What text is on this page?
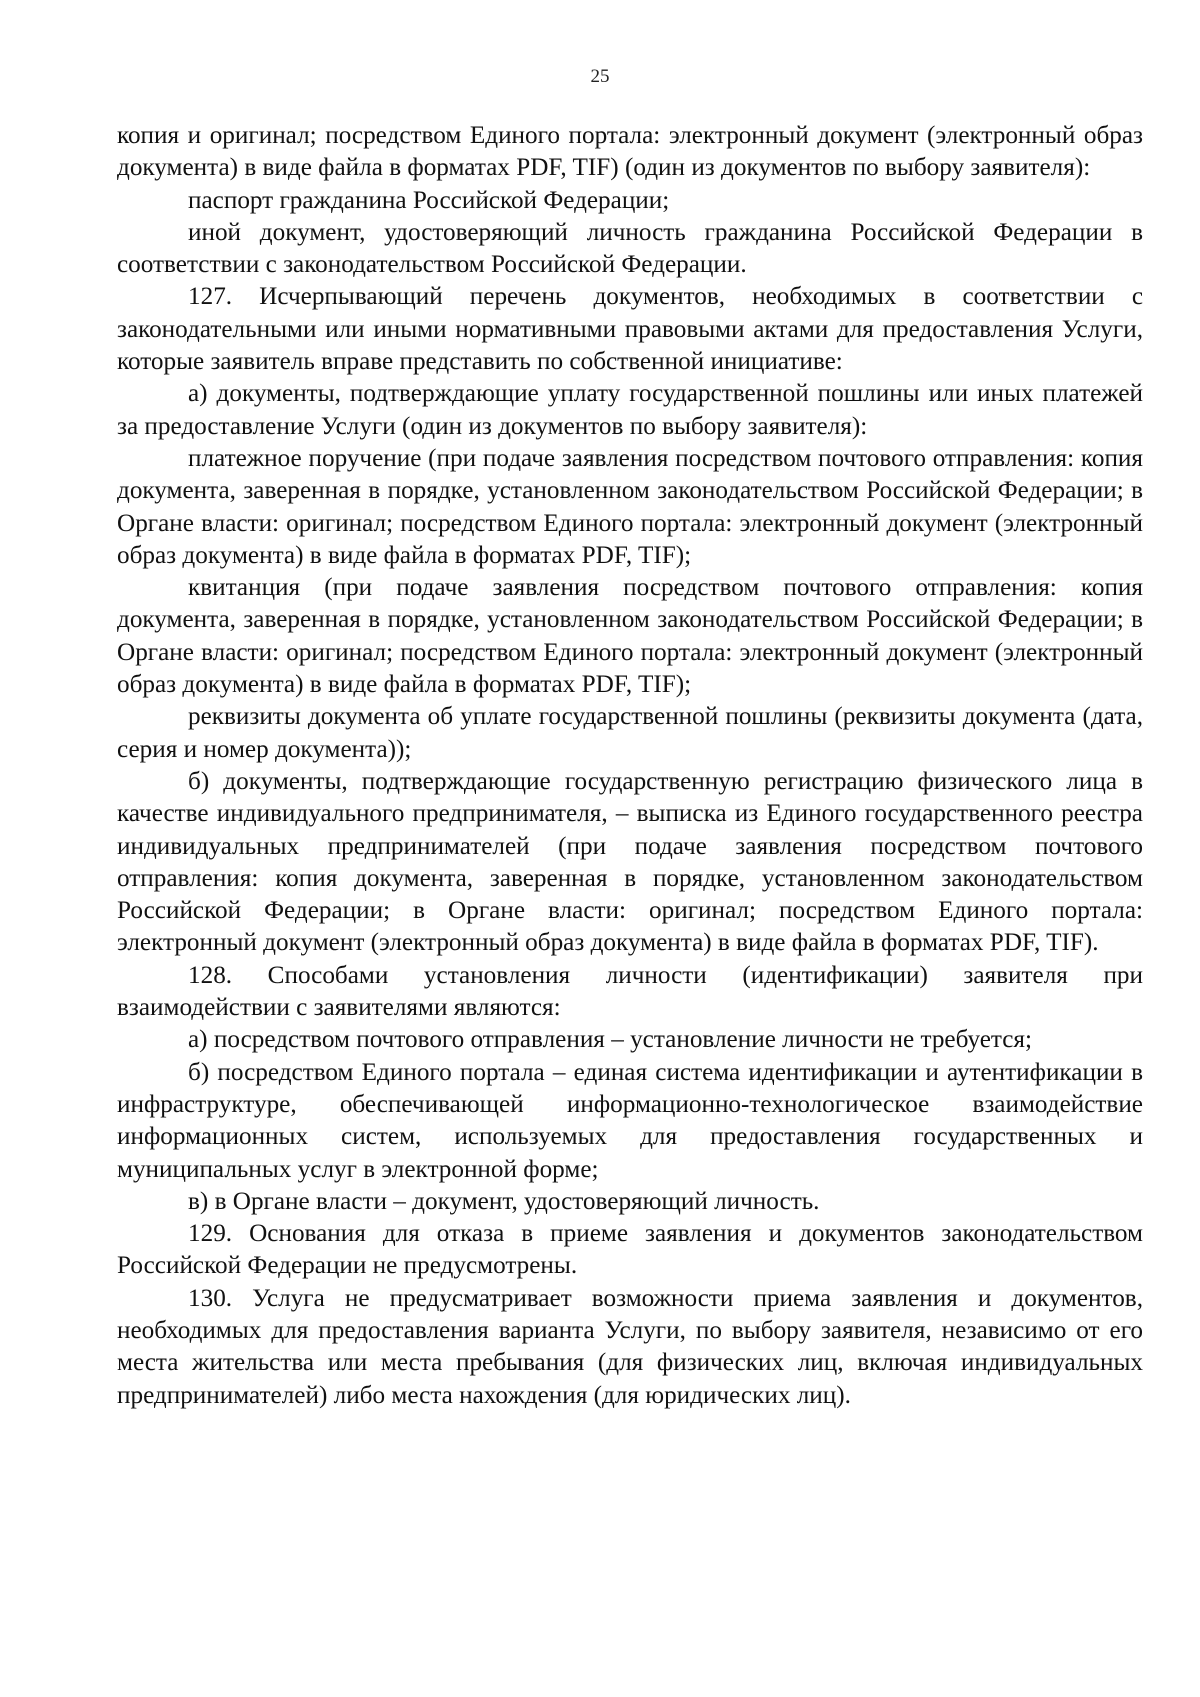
25

копия и оригинал; посредством Единого портала: электронный документ (электронный образ документа) в виде файла в форматах PDF, TIF) (один из документов по выбору заявителя):

паспорт гражданина Российской Федерации;

иной документ, удостоверяющий личность гражданина Российской Федерации в соответствии с законодательством Российской Федерации.

127. Исчерпывающий перечень документов, необходимых в соответствии с законодательными или иными нормативными правовыми актами для предоставления Услуги, которые заявитель вправе представить по собственной инициативе:

а) документы, подтверждающие уплату государственной пошлины или иных платежей за предоставление Услуги (один из документов по выбору заявителя):

платежное поручение (при подаче заявления посредством почтового отправления: копия документа, заверенная в порядке, установленном законодательством Российской Федерации; в Органе власти: оригинал; посредством Единого портала: электронный документ (электронный образ документа) в виде файла в форматах PDF, TIF);

квитанция (при подаче заявления посредством почтового отправления: копия документа, заверенная в порядке, установленном законодательством Российской Федерации; в Органе власти: оригинал; посредством Единого портала: электронный документ (электронный образ документа) в виде файла в форматах PDF, TIF);

реквизиты документа об уплате государственной пошлины (реквизиты документа (дата, серия и номер документа));

б) документы, подтверждающие государственную регистрацию физического лица в качестве индивидуального предпринимателя, – выписка из Единого государственного реестра индивидуальных предпринимателей (при подаче заявления посредством почтового отправления: копия документа, заверенная в порядке, установленном законодательством Российской Федерации; в Органе власти: оригинал; посредством Единого портала: электронный документ (электронный образ документа) в виде файла в форматах PDF, TIF).

128. Способами установления личности (идентификации) заявителя при взаимодействии с заявителями являются:

а) посредством почтового отправления – установление личности не требуется;

б) посредством Единого портала – единая система идентификации и аутентификации в инфраструктуре, обеспечивающей информационно-технологическое взаимодействие информационных систем, используемых для предоставления государственных и муниципальных услуг в электронной форме;

в) в Органе власти – документ, удостоверяющий личность.

129. Основания для отказа в приеме заявления и документов законодательством Российской Федерации не предусмотрены.

130. Услуга не предусматривает возможности приема заявления и документов, необходимых для предоставления варианта Услуги, по выбору заявителя, независимо от его места жительства или места пребывания (для физических лиц, включая индивидуальных предпринимателей) либо места нахождения (для юридических лиц).
